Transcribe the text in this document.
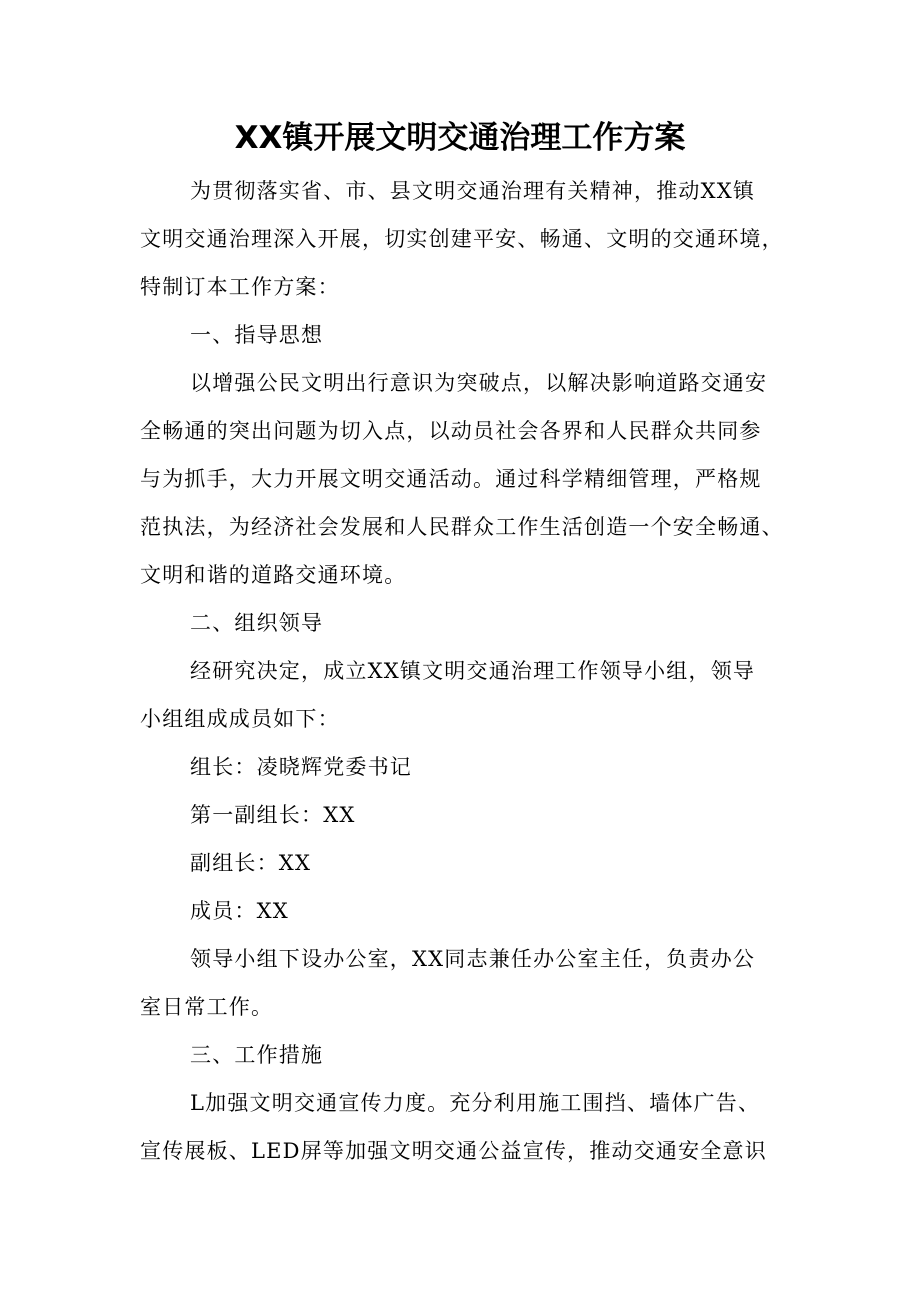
XX镇开展文明交通治理工作方案
为贯彻落实省、市、县文明交通治理有关精神，推动XX镇
文明交通治理深入开展，切实创建平安、畅通、文明的交通环境，
特制订本工作方案：
一、指导思想
以增强公民文明出行意识为突破点，以解决影响道路交通安
全畅通的突出问题为切入点，以动员社会各界和人民群众共同参
与为抓手，大力开展文明交通活动。通过科学精细管理，严格规
范执法，为经济社会发展和人民群众工作生活创造一个安全畅通、
文明和谐的道路交通环境。
二、组织领导
经研究决定，成立XX镇文明交通治理工作领导小组，领导
小组组成成员如下：
组长：凌晓辉党委书记
第一副组长：XX
副组长：XX
成员：XX
领导小组下设办公室，XX同志兼任办公室主任，负责办公
室日常工作。
三、工作措施
L加强文明交通宣传力度。充分利用施工围挡、墙体广告、
宣传展板、LED屏等加强文明交通公益宣传，推动交通安全意识
